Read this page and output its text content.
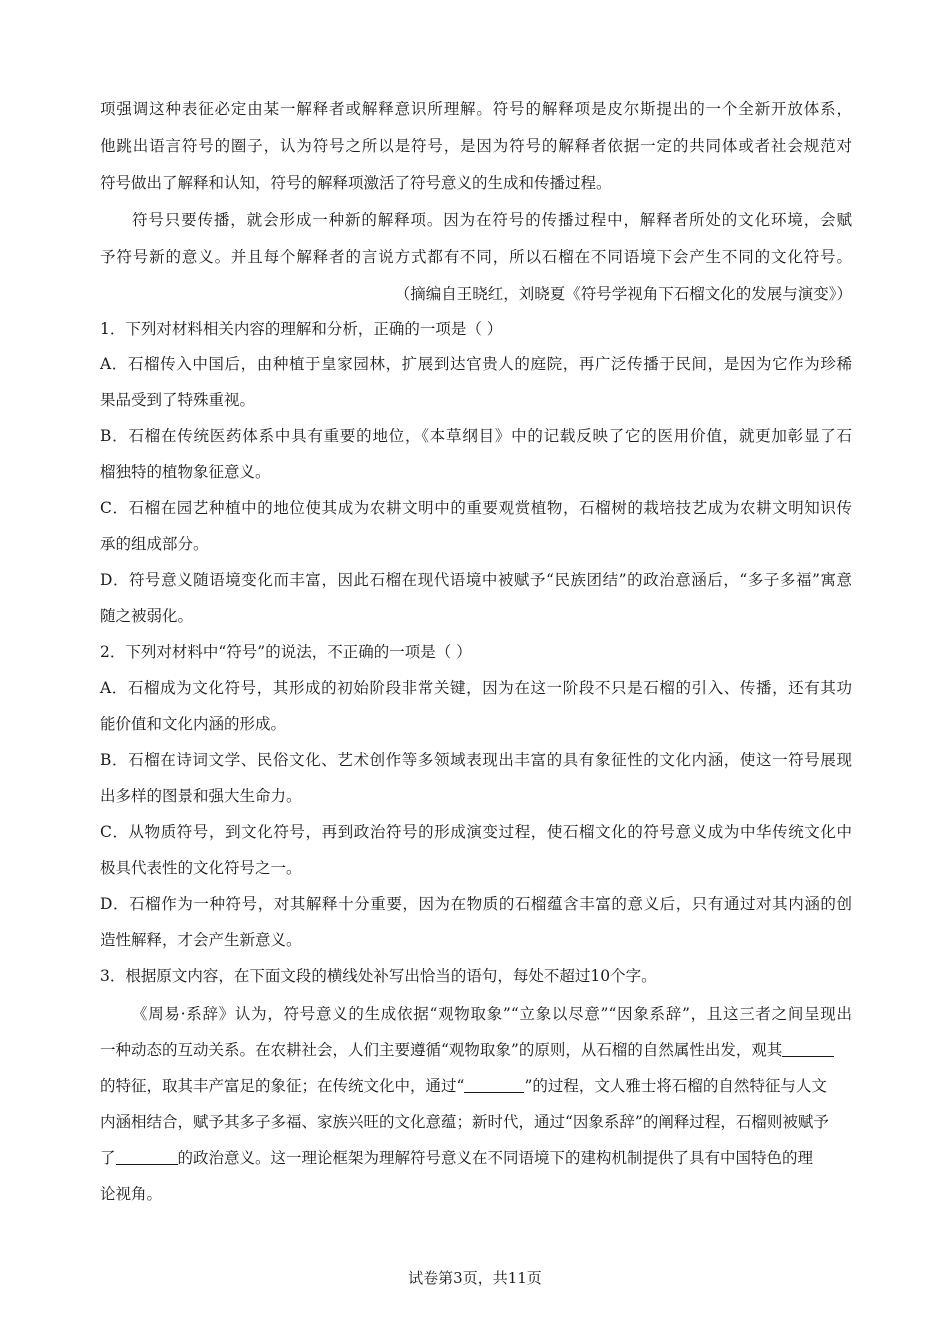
项强调这种表征必定由某一解释者或解释意识所理解。符号的解释项是皮尔斯提出的一个全新开放体系，
他跳出语言符号的圈子，认为符号之所以是符号，是因为符号的解释者依据一定的共同体或者社会规范对
符号做出了解释和认知，符号的解释项激活了符号意义的生成和传播过程。
符号只要传播，就会形成一种新的解释项。因为在符号的传播过程中，解释者所处的文化环境，会赋
予符号新的意义。并且每个解释者的言说方式都有不同，所以石榴在不同语境下会产生不同的文化符号。
（摘编自王晓红，刘晓夏《符号学视角下石榴文化的发展与演变》）
1．下列对材料相关内容的理解和分析，正确的一项是（ ）
A．石榴传入中国后，由种植于皇家园林，扩展到达官贵人的庭院，再广泛传播于民间，是因为它作为珍稀
果品受到了特殊重视。
B．石榴在传统医药体系中具有重要的地位，《本草纲目》中的记载反映了它的医用价值，就更加彰显了石
榴独特的植物象征意义。
C．石榴在园艺种植中的地位使其成为农耕文明中的重要观赏植物，石榴树的栽培技艺成为农耕文明知识传
承的组成部分。
D．符号意义随语境变化而丰富，因此石榴在现代语境中被赋予“民族团结”的政治意涵后，“多子多福”寓意
随之被弱化。
2．下列对材料中“符号”的说法，不正确的一项是（ ）
A．石榴成为文化符号，其形成的初始阶段非常关键，因为在这一阶段不只是石榴的引入、传播，还有其功
能价值和文化内涵的形成。
B．石榴在诗词文学、民俗文化、艺术创作等多领域表现出丰富的具有象征性的文化内涵，使这一符号展现
出多样的图景和强大生命力。
C．从物质符号，到文化符号，再到政治符号的形成演变过程，使石榴文化的符号意义成为中华传统文化中
极具代表性的文化符号之一。
D．石榴作为一种符号，对其解释十分重要，因为在物质的石榴蕴含丰富的意义后，只有通过对其内涵的创
造性解释，才会产生新意义。
3．根据原文内容，在下面文段的横线处补写出恰当的语句，每处不超过10个字。
《周易·系辞》认为，符号意义的生成依据“观物取象”“立象以尽意”“因象系辞”，且这三者之间呈现出
一种动态的互动关系。在农耕社会，人们主要遵循“观物取象”的原则，从石榴的自然属性出发，观其
的特征，取其丰产富足的象征；在传统文化中，通过“	”的过程，文人雅士将石榴的自然特征与人文
内涵相结合，赋予其多子多福、家族兴旺的文化意蕴；新时代，通过“因象系辞”的阐释过程，石榴则被赋予
了	的政治意义。这一理论框架为理解符号意义在不同语境下的建构机制提供了具有中国特色的理
论视角。
试卷第3页，共11页
